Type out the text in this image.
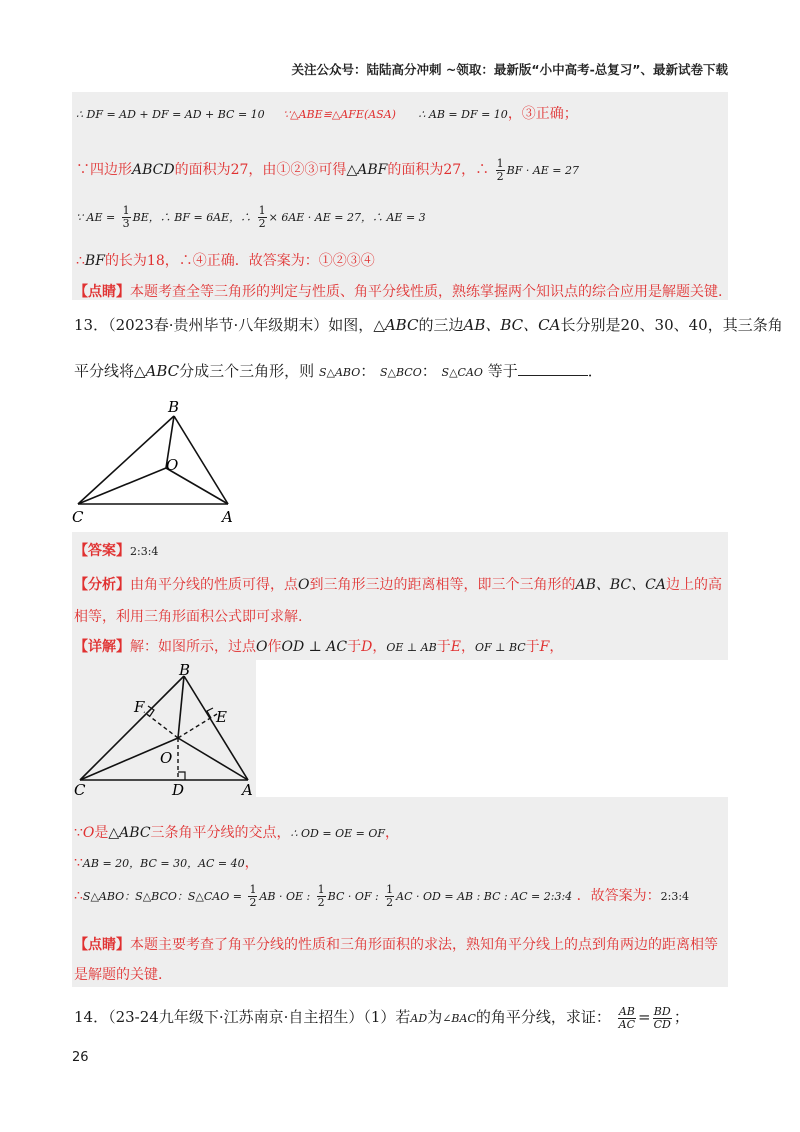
关注公众号：陆陆高分冲刺 ~领取：最新版“小中高考-总复习”、最新试卷下载
∴ DF = AD + DF = AD + BC = 10 ∵△ABE≌△AFE(ASA) ∴ AB = DF = 10，③正确；
∵四边形ABCD的面积为27，由①②③可得△ABF的面积为27，∴ $\frac{1}{2}$ BF · AE = 27
∵ AE = $\frac{1}{3}$ BE，∴ BF = 6AE，∴ $\frac{1}{2} \times 6AE$ · AE = 27，∴ AE = 3
∴BF的长为18，∴④正确．故答案为：①②③④
【点睛】本题考查全等三角形的判定与性质、角平分线性质，熟练掌握两个知识点的综合应用是解题关键.
13．（2023春·贵州毕节·八年级期末）如图，△ABC的三边AB、BC、CA长分别是20、30、40，其三条角
平分线将△ABC分成三个三角形，则 S△ABO： S△BCO： S△CAO 等于	．
B
O
C	A
【答案】2:3:4
【分析】由角平分线的性质可得，点O到三角形三边的距离相等，即三个三角形的AB、BC、CA边上的高
相等，利用三角形面积公式即可求解.
【详解】解：如图所示，过点O作OD ⊥ AC于D，OE ⊥ AB于E，OF ⊥ BC于F，
B
F
E
O
C	D	A
∵O是△ABC三条角平分线的交点，∴ OD = OE = OF，
∵AB = 20，BC = 30，AC = 40，
∴S△ABO：S△BCO：S△CAO = $\frac{1}{2}$ AB · OE : $\frac{1}{2}$ BC · OF : $\frac{1}{2}$ AC · OD = AB : BC : AC = 2:3:4 ．故答案为：2:3:4
【点睛】本题主要考查了角平分线的性质和三角形面积的求法，熟知角平分线上的点到角两边的距离相等
是解题的关键.
14．（23-24九年级下·江苏南京·自主招生）（1）若AD为∠BAC的角平分线，求证： $\frac{AB}{AC} = \frac{BD}{CD}$ ；
26
